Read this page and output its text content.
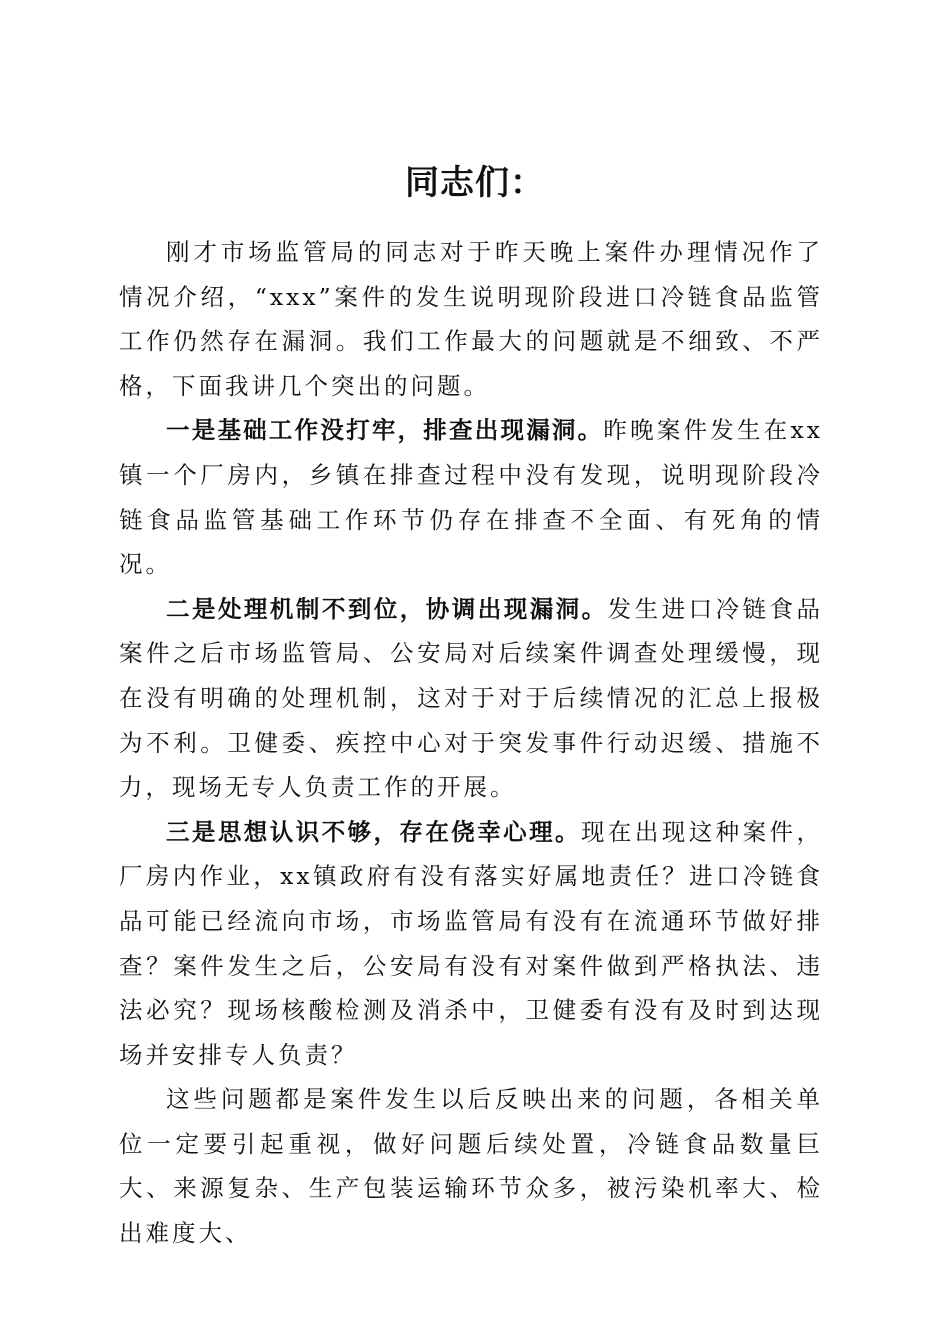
同志们：

刚才市场监管局的同志对于昨天晚上案件办理情况作了情况介绍，“xxx”案件的发生说明现阶段进口冷链食品监管工作仍然存在漏洞。我们工作最大的问题就是不细致、不严格，下面我讲几个突出的问题。

一是基础工作没打牢，排查出现漏洞。昨晚案件发生在xx镇一个厂房内，乡镇在排查过程中没有发现，说明现阶段冷链食品监管基础工作环节仍存在排查不全面、有死角的情况。

二是处理机制不到位，协调出现漏洞。发生进口冷链食品案件之后市场监管局、公安局对后续案件调查处理缓慢，现在没有明确的处理机制，这对于对于后续情况的汇总上报极为不利。卫健委、疾控中心对于突发事件行动迟缓、措施不力，现场无专人负责工作的开展。

三是思想认识不够，存在侥幸心理。现在出现这种案件，厂房内作业，xx镇政府有没有落实好属地责任？进口冷链食品可能已经流向市场，市场监管局有没有在流通环节做好排查？案件发生之后，公安局有没有对案件做到严格执法、违法必究？现场核酸检测及消杀中，卫健委有没有及时到达现场并安排专人负责？

这些问题都是案件发生以后反映出来的问题，各相关单位一定要引起重视，做好问题后续处置，冷链食品数量巨大、来源复杂、生产包装运输环节众多，被污染机率大、检出难度大、
